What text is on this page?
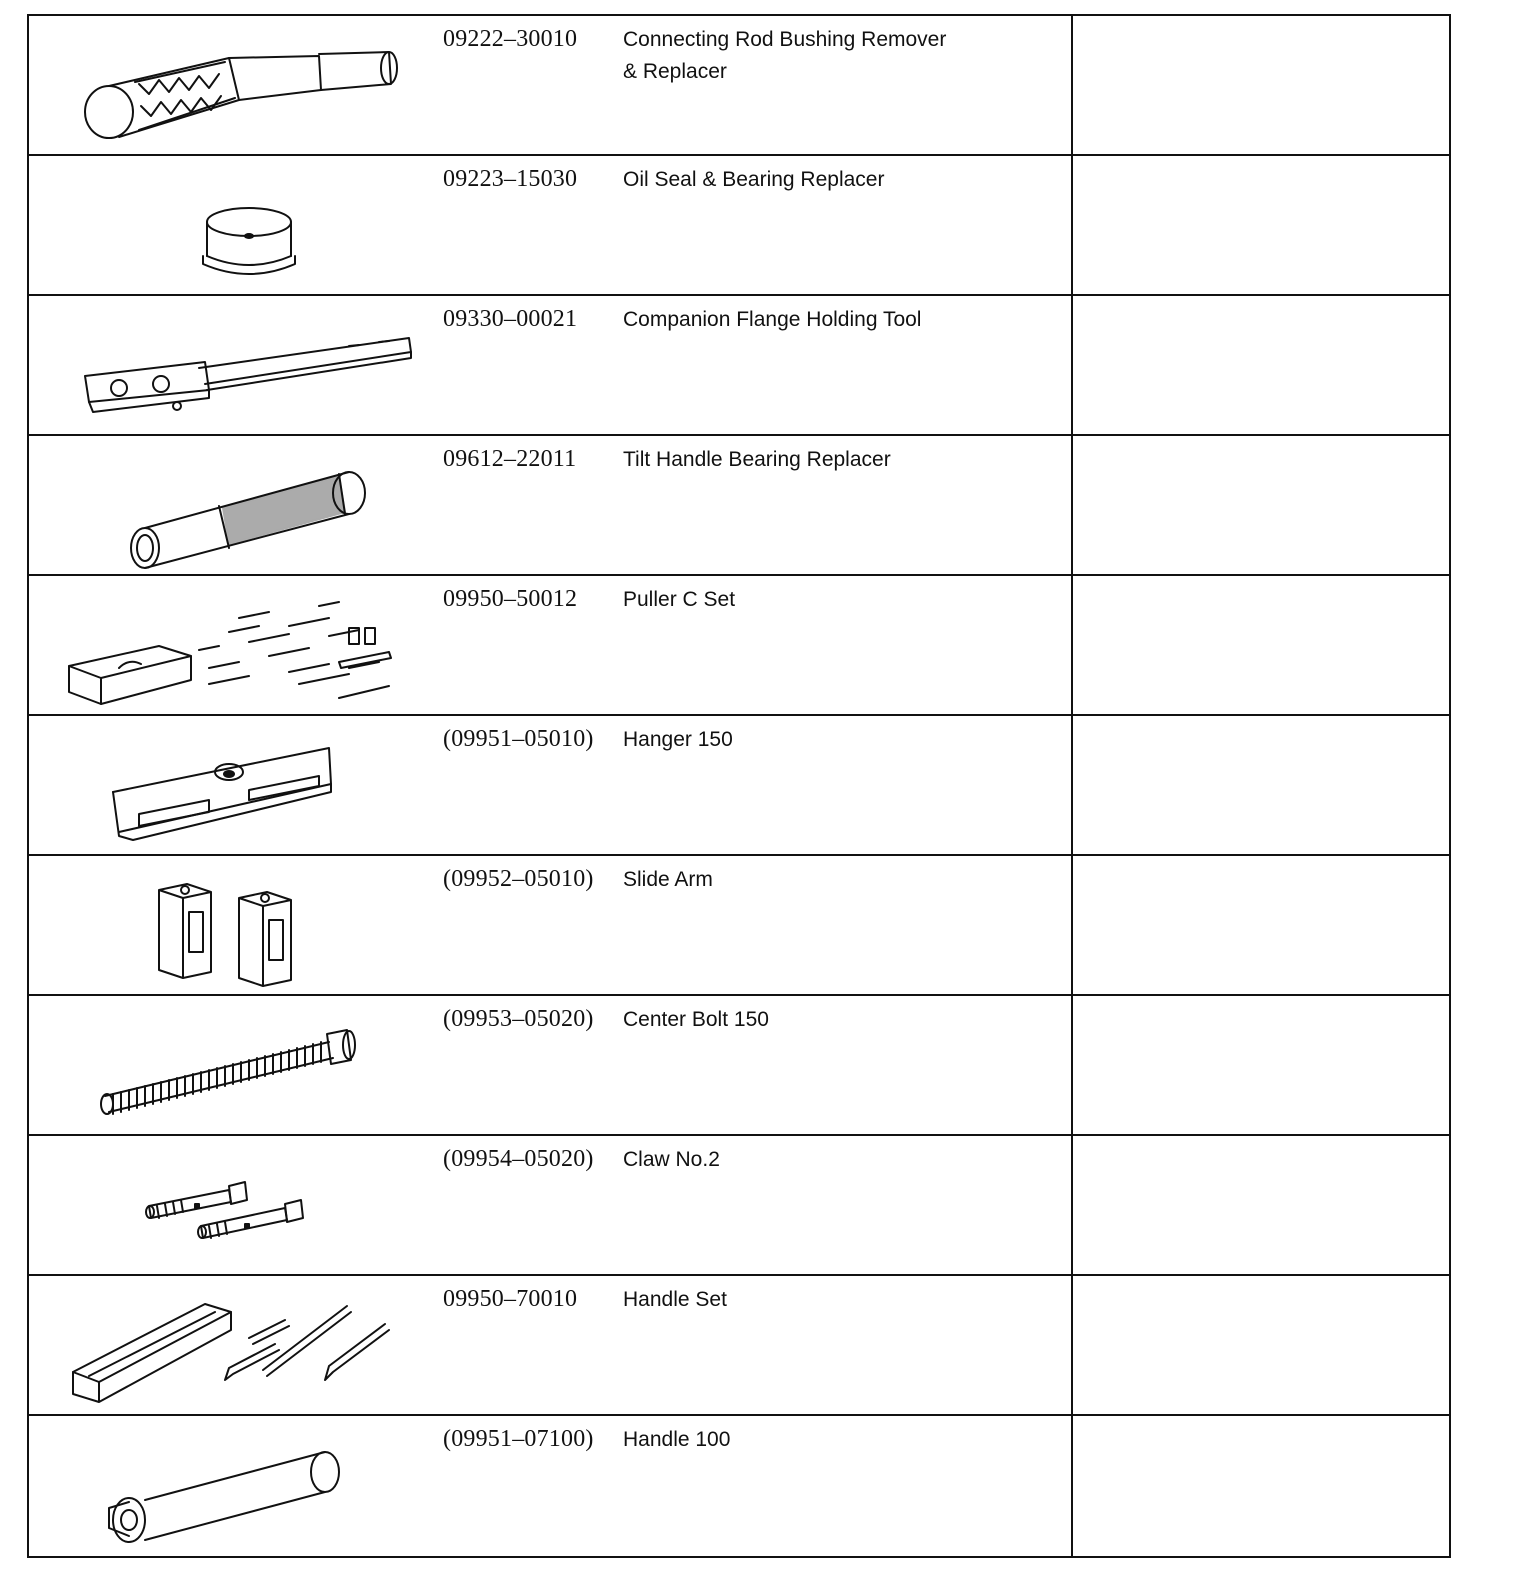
09222–30010	Connecting Rod Bushing Remover
& Replacer
09223–15030	Oil Seal & Bearing Replacer
09330–00021	Companion Flange Holding Tool
09612–22011	Tilt Handle Bearing Replacer
09950–50012	Puller C Set
(09951–05010)	Hanger 150
(09952–05010)	Slide Arm
(09953–05020)	Center Bolt 150
(09954–05020)	Claw No.2
09950–70010	Handle Set
(09951–07100)	Handle 100
